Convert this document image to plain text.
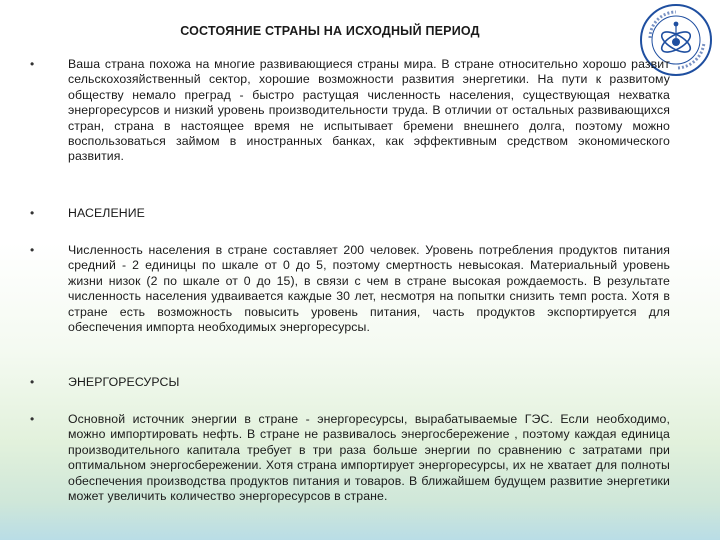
СОСТОЯНИЕ СТРАНЫ НА ИСХОДНЫЙ ПЕРИОД
•	Ваша страна похожа на многие развивающиеся страны мира. В стране относительно хорошо развит сельскохозяйственный сектор, хорошие возможности развития энергетики. На пути к развитому обществу немало преград - быстро растущая численность населения, существующая нехватка энергоресурсов и низкий уровень производительности труда. В отличии от остальных развивающихся стран, страна в настоящее время не испытывает бремени внешнего долга, поэтому можно воспользоваться займом в иностранных банках, как эффективным средством экономического развития.
•	НАСЕЛЕНИЕ
•	Численность населения в стране составляет 200 человек. Уровень потребления продуктов питания средний - 2 единицы по шкале от 0 до 5, поэтому смертность невысокая. Материальный уровень жизни низок (2 по шкале от 0 до 15), в связи с чем в стране высокая рождаемость. В результате численность населения удваивается каждые 30 лет, несмотря на попытки снизить темп роста. Хотя в стране есть возможность повысить уровень питания, часть продуктов экспортируется для обеспечения импорта необходимых энергоресурсы.
•	ЭНЕРГОРЕСУРСЫ
•	Основной источник энергии в стране - энергоресурсы, вырабатываемые ГЭС. Если необходимо, можно импортировать нефть. В стране не развивалось энергосбережение , поэтому каждая единица производительного капитала требует в три раза больше энергии по сравнению с затратами при оптимальном энергосбережении. Хотя страна импортирует энергоресурсы, их не хватает для полноты обеспечения производства продуктов питания и товаров. В ближайшем будущем развитие энергетики может увеличить количество энергоресурсов в стране.
